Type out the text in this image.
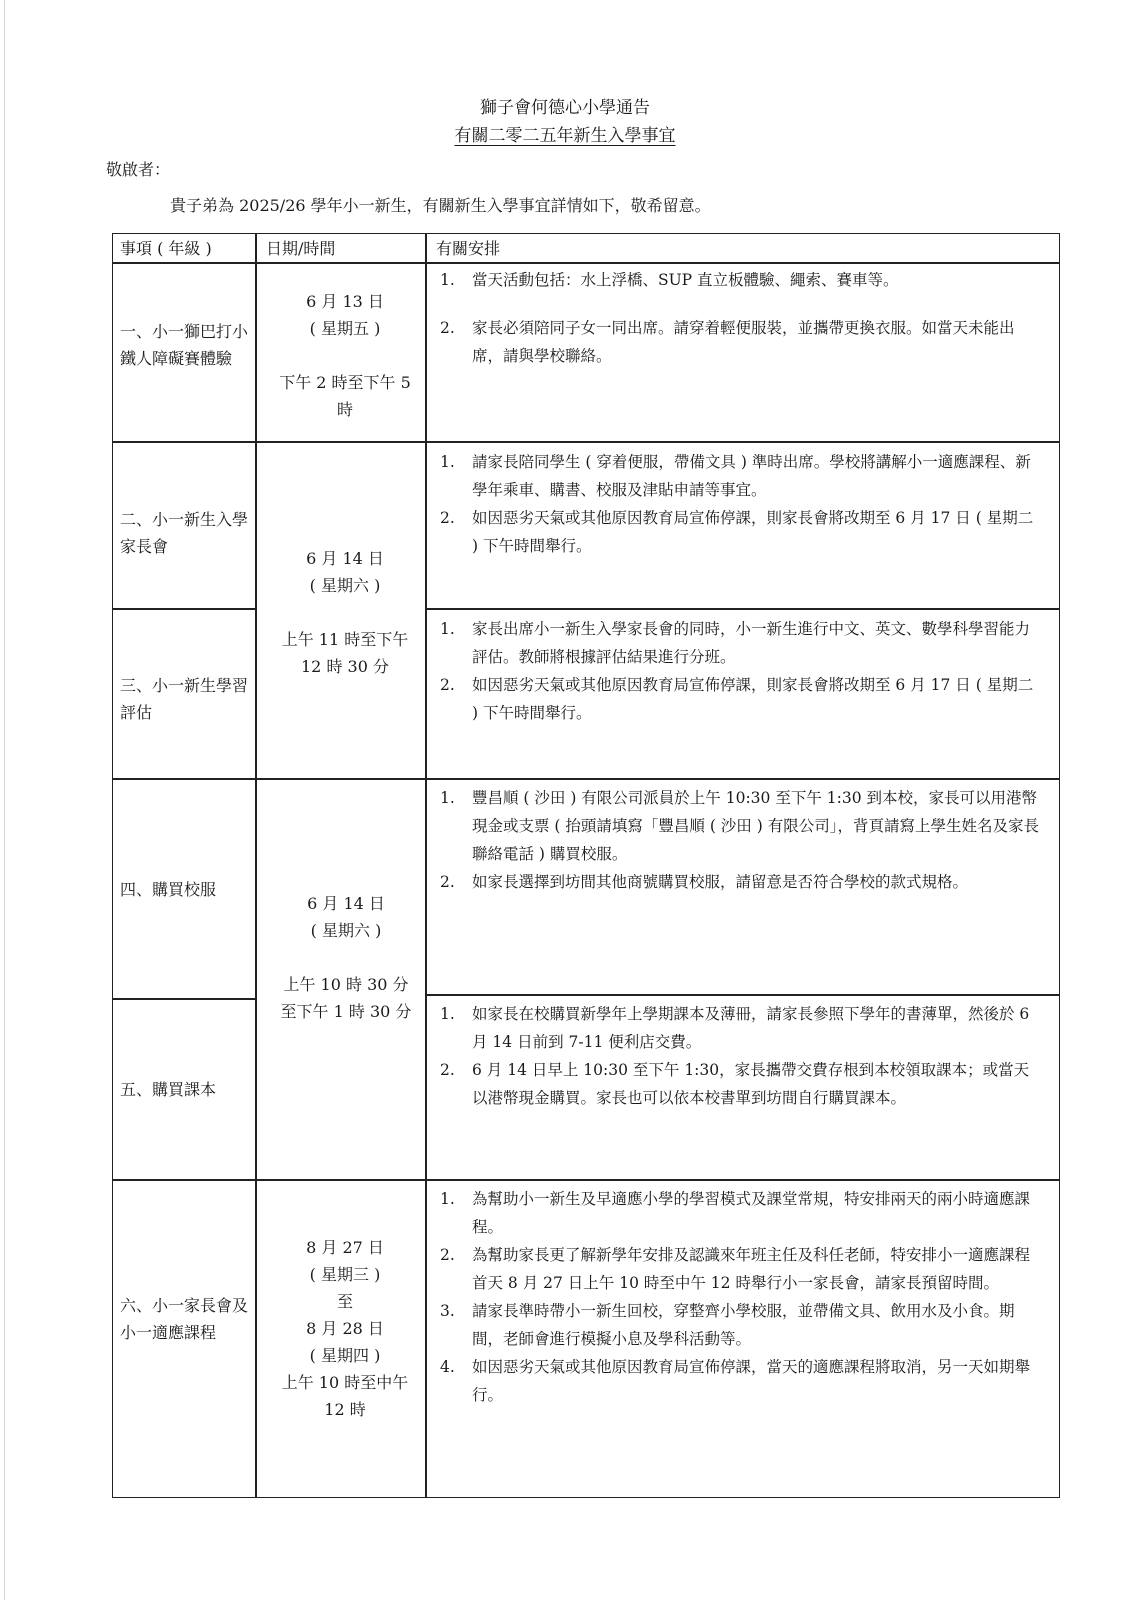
獅子會何德心小學通告
有關二零二五年新生入學事宜
敬啟者：
貴子弟為 2025/26 學年小一新生，有關新生入學事宜詳情如下，敬希留意。
事項 ( 年級 )	日期/時間	有關安排
一、小一獅巴打小鐵人障礙賽體驗
6 月 13 日
( 星期五 )

下午 2 時至下午 5 時
1. 當天活動包括：水上浮橋、SUP 直立板體驗、繩索、賽車等。
2. 家長必須陪同子女一同出席。請穿着輕便服裝，並攜帶更換衣服。如當天未能出席，請與學校聯絡。
二、小一新生入學家長會
1. 請家長陪同學生 ( 穿着便服，帶備文具 ) 準時出席。學校將講解小一適應課程、新學年乘車、購書、校服及津貼申請等事宜。
2. 如因惡劣天氣或其他原因教育局宣佈停課，則家長會將改期至 6 月 17 日 ( 星期二 ) 下午時間舉行。
6 月 14 日
( 星期六 )

上午 11 時至下午 12 時 30 分
三、小一新生學習評估
1. 家長出席小一新生入學家長會的同時，小一新生進行中文、英文、數學科學習能力評估。教師將根據評估結果進行分班。
2. 如因惡劣天氣或其他原因教育局宣佈停課，則家長會將改期至 6 月 17 日 ( 星期二 ) 下午時間舉行。
四、購買校服
1. 豐昌順 ( 沙田 ) 有限公司派員於上午 10:30 至下午 1:30 到本校，家長可以用港幣現金或支票 ( 抬頭請填寫「豐昌順 ( 沙田 ) 有限公司」，背頁請寫上學生姓名及家長聯絡電話 ) 購買校服。
2. 如家長選擇到坊間其他商號購買校服，請留意是否符合學校的款式規格。
6 月 14 日
( 星期六 )

上午 10 時 30 分至下午 1 時 30 分
五、購買課本
1. 如家長在校購買新學年上學期課本及薄冊，請家長參照下學年的書薄單，然後於 6 月 14 日前到 7-11 便利店交費。
2. 6 月 14 日早上 10:30 至下午 1:30，家長攜帶交費存根到本校領取課本；或當天以港幣現金購買。家長也可以依本校書單到坊間自行購買課本。
六、小一家長會及小一適應課程
8 月 27 日
( 星期三 )
至
8 月 28 日
( 星期四 )
上午 10 時至中午 12 時
1. 為幫助小一新生及早適應小學的學習模式及課堂常規，特安排兩天的兩小時適應課程。
2. 為幫助家長更了解新學年安排及認識來年班主任及科任老師，特安排小一適應課程首天 8 月 27 日上午 10 時至中午 12 時舉行小一家長會，請家長預留時間。
3. 請家長準時帶小一新生回校，穿整齊小學校服，並帶備文具、飲用水及小食。期間，老師會進行模擬小息及學科活動等。
4. 如因惡劣天氣或其他原因教育局宣佈停課，當天的適應課程將取消，另一天如期舉行。
